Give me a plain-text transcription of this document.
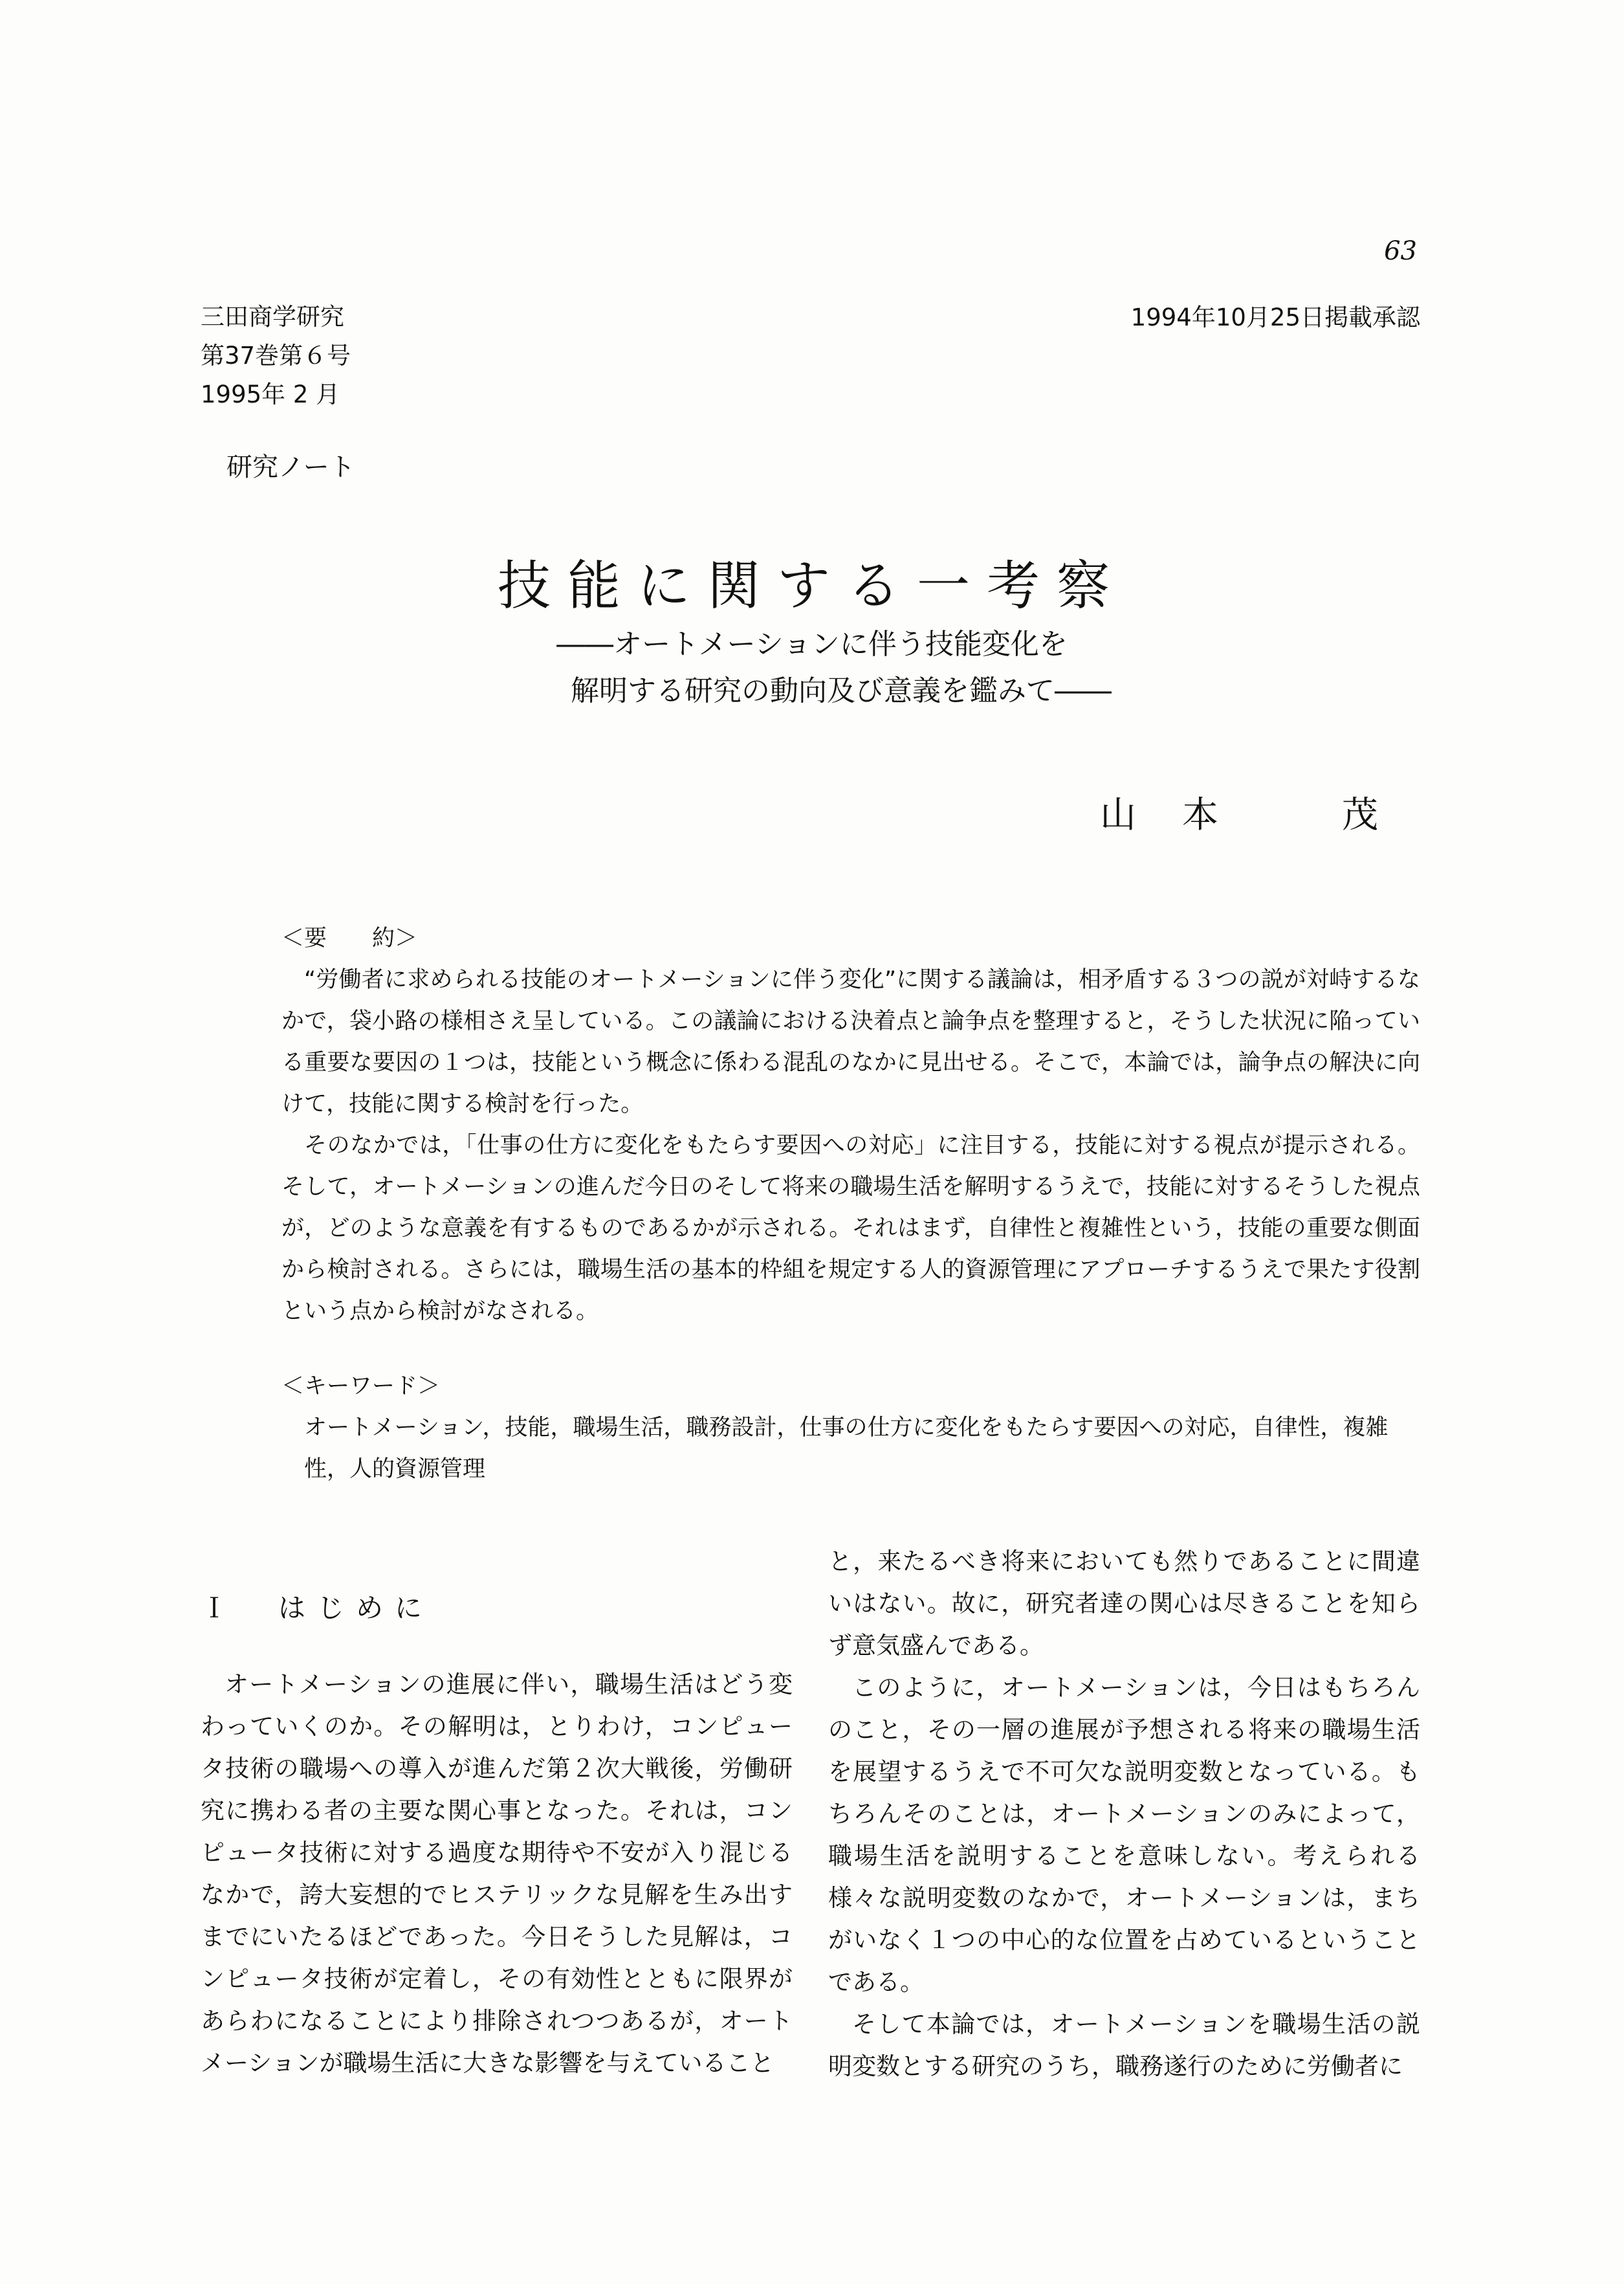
63
三田商学研究
第37巻第６号
1995年 2 月
1994年10月25日掲載承認
研究ノート
技能に関する一考察
――オートメーションに伴う技能変化を
解明する研究の動向及び意義を鑑みて――
山 本	茂
＜要　　約＞

“労働者に求められる技能のオートメーションに伴う変化”に関する議論は，相矛盾する３つの説が対峙するなかで，袋小路の様相さえ呈している。この議論における決着点と論争点を整理すると，そうした状況に陥っている重要な要因の１つは，技能という概念に係わる混乱のなかに見出せる。そこで，本論では，論争点の解決に向けて，技能に関する検討を行った。

そのなかでは，「仕事の仕方に変化をもたらす要因への対応」に注目する，技能に対する視点が提示される。そして，オートメーションの進んだ今日のそして将来の職場生活を解明するうえで，技能に対するそうした視点が，どのような意義を有するものであるかが示される。それはまず，自律性と複雑性という，技能の重要な側面から検討される。さらには，職場生活の基本的枠組を規定する人的資源管理にアプローチするうえで果たす役割という点から検討がなされる。

＜キーワード＞
オートメーション，技能，職場生活，職務設計，仕事の仕方に変化をもたらす要因への対応，自律性，複雑性，人的資源管理
Ｉ　はじめに

オートメーションの進展に伴い，職場生活はどう変わっていくのか。その解明は，とりわけ，コンピュータ技術の職場への導入が進んだ第２次大戦後，労働研究に携わる者の主要な関心事となった。それは，コンピュータ技術に対する過度な期待や不安が入り混じるなかで，誇大妄想的でヒステリックな見解を生み出すまでにいたるほどであった。今日そうした見解は，コンピュータ技術が定着し，その有効性とともに限界があらわになることにより排除されつつあるが，オートメーションが職場生活に大きな影響を与えていること

と，来たるべき将来においても然りであることに間違いはない。故に，研究者達の関心は尽きることを知らず意気盛んである。

このように，オートメーションは，今日はもちろんのこと，その一層の進展が予想される将来の職場生活を展望するうえで不可欠な説明変数となっている。もちろんそのことは，オートメーションのみによって，職場生活を説明することを意味しない。考えられる様々な説明変数のなかで，オートメーションは，まちがいなく１つの中心的な位置を占めているということである。

そして本論では，オートメーションを職場生活の説明変数とする研究のうち，職務遂行のために労働者に
